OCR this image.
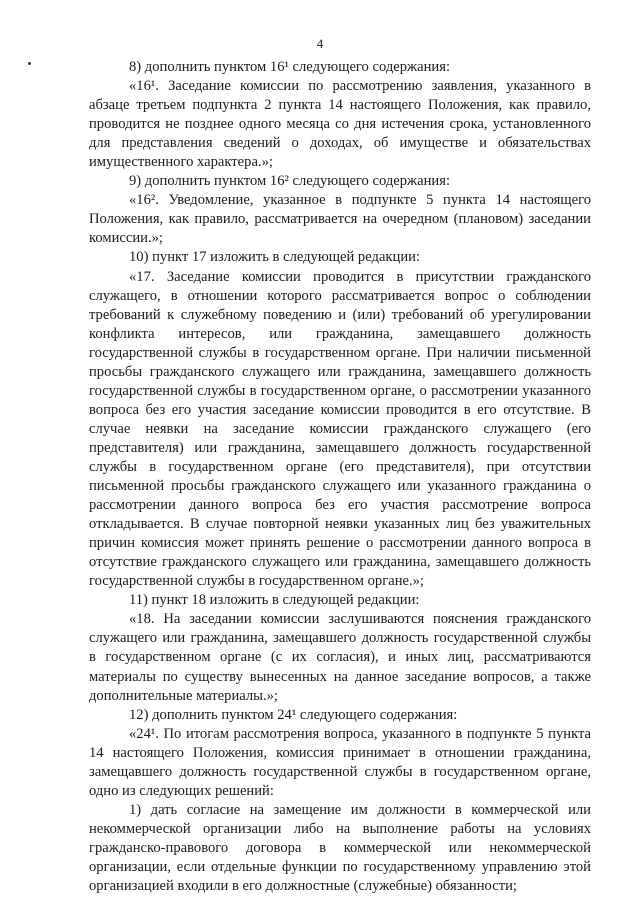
4

8) дополнить пунктом 16¹ следующего содержания:

«16¹. Заседание комиссии по рассмотрению заявления, указанного в абзаце третьем подпункта 2 пункта 14 настоящего Положения, как правило, проводится не позднее одного месяца со дня истечения срока, установленного для представления сведений о доходах, об имуществе и обязательствах имущественного характера.»;

9) дополнить пунктом 16² следующего содержания:

«16². Уведомление, указанное в подпункте 5 пункта 14 настоящего Положения, как правило, рассматривается на очередном (плановом) заседании комиссии.»;

10) пункт 17 изложить в следующей редакции:

«17. Заседание комиссии проводится в присутствии гражданского служащего, в отношении которого рассматривается вопрос о соблюдении требований к служебному поведению и (или) требований об урегулировании конфликта интересов, или гражданина, замещавшего должность государственной службы в государственном органе. При наличии письменной просьбы гражданского служащего или гражданина, замещавшего должность государственной службы в государственном органе, о рассмотрении указанного вопроса без его участия заседание комиссии проводится в его отсутствие. В случае неявки на заседание комиссии гражданского служащего (его представителя) или гражданина, замещавшего должность государственной службы в государственном органе (его представителя), при отсутствии письменной просьбы гражданского служащего или указанного гражданина о рассмотрении данного вопроса без его участия рассмотрение вопроса откладывается. В случае повторной неявки указанных лиц без уважительных причин комиссия может принять решение о рассмотрении данного вопроса в отсутствие гражданского служащего или гражданина, замещавшего должность государственной службы в государственном органе.»;

11) пункт 18 изложить в следующей редакции:

«18. На заседании комиссии заслушиваются пояснения гражданского служащего или гражданина, замещавшего должность государственной службы в государственном органе (с их согласия), и иных лиц, рассматриваются материалы по существу вынесенных на данное заседание вопросов, а также дополнительные материалы.»;

12) дополнить пунктом 24¹ следующего содержания:

«24¹. По итогам рассмотрения вопроса, указанного в подпункте 5 пункта 14 настоящего Положения, комиссия принимает в отношении гражданина, замещавшего должность государственной службы в государственном органе, одно из следующих решений:

1) дать согласие на замещение им должности в коммерческой или некоммерческой организации либо на выполнение работы на условиях гражданско-правового договора в коммерческой или некоммерческой организации, если отдельные функции по государственному управлению этой организацией входили в его должностные (служебные) обязанности;
